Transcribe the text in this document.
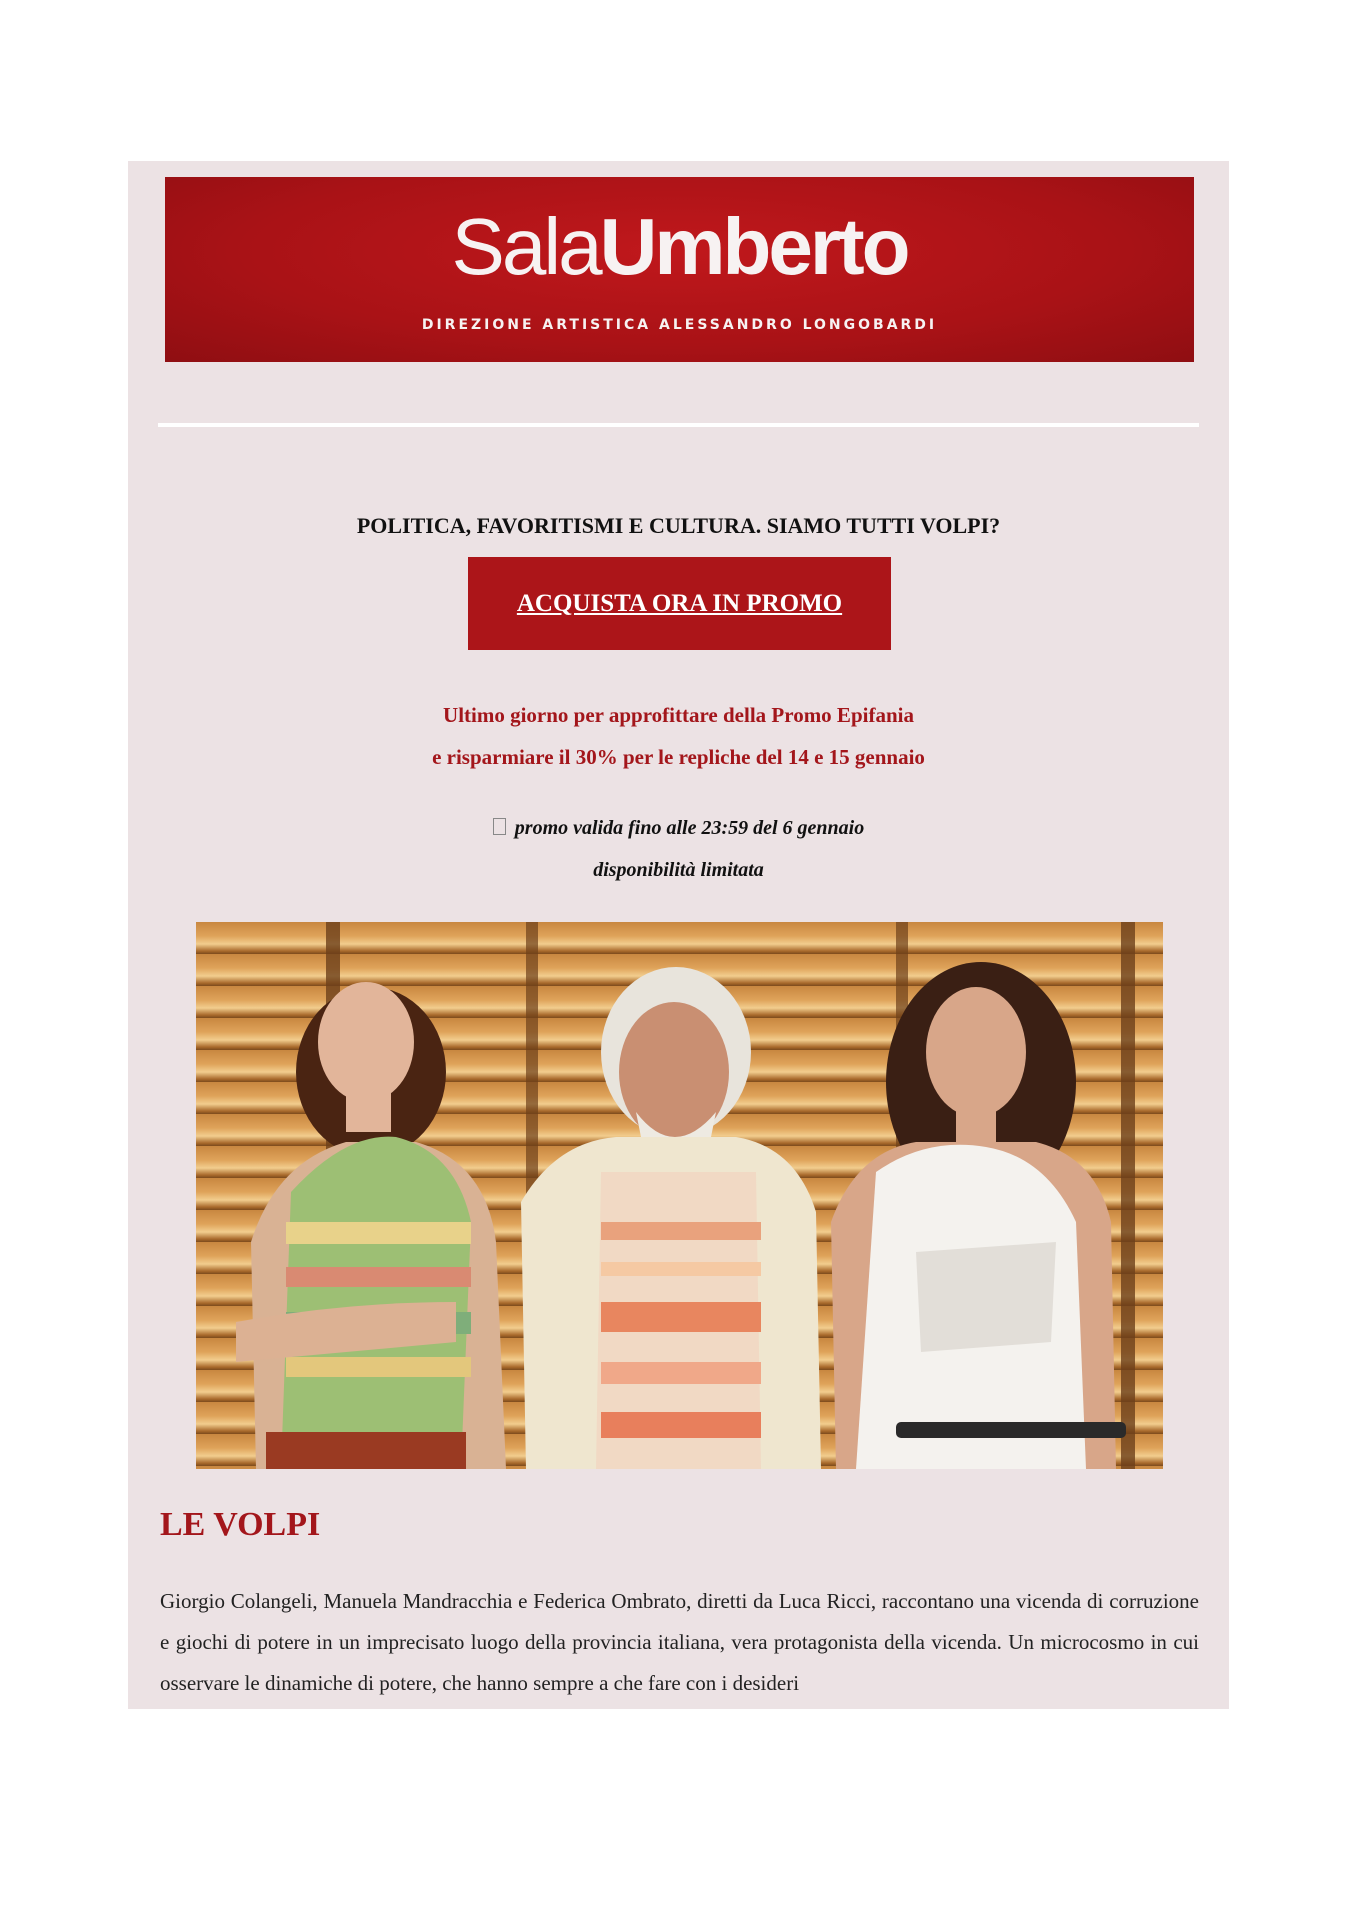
SalaUmberto
DIREZIONE ARTISTICA ALESSANDRO LONGOBARDI
POLITICA, FAVORITISMI E CULTURA. SIAMO TUTTI VOLPI?
ACQUISTA ORA IN PROMO
Ultimo giorno per approfittare della Promo Epifania
e risparmiare il 30% per le repliche del 14 e 15 gennaio
promo valida fino alle 23:59 del 6 gennaio
disponibilità limitata
LE VOLPI
Giorgio Colangeli, Manuela Mandracchia e Federica Ombrato, diretti da Luca Ricci, raccontano una vicenda di corruzione e giochi di potere in un imprecisato luogo della provincia italiana, vera protagonista della vicenda. Un microcosmo in cui osservare le dinamiche di potere, che hanno sempre a che fare con i desideri
